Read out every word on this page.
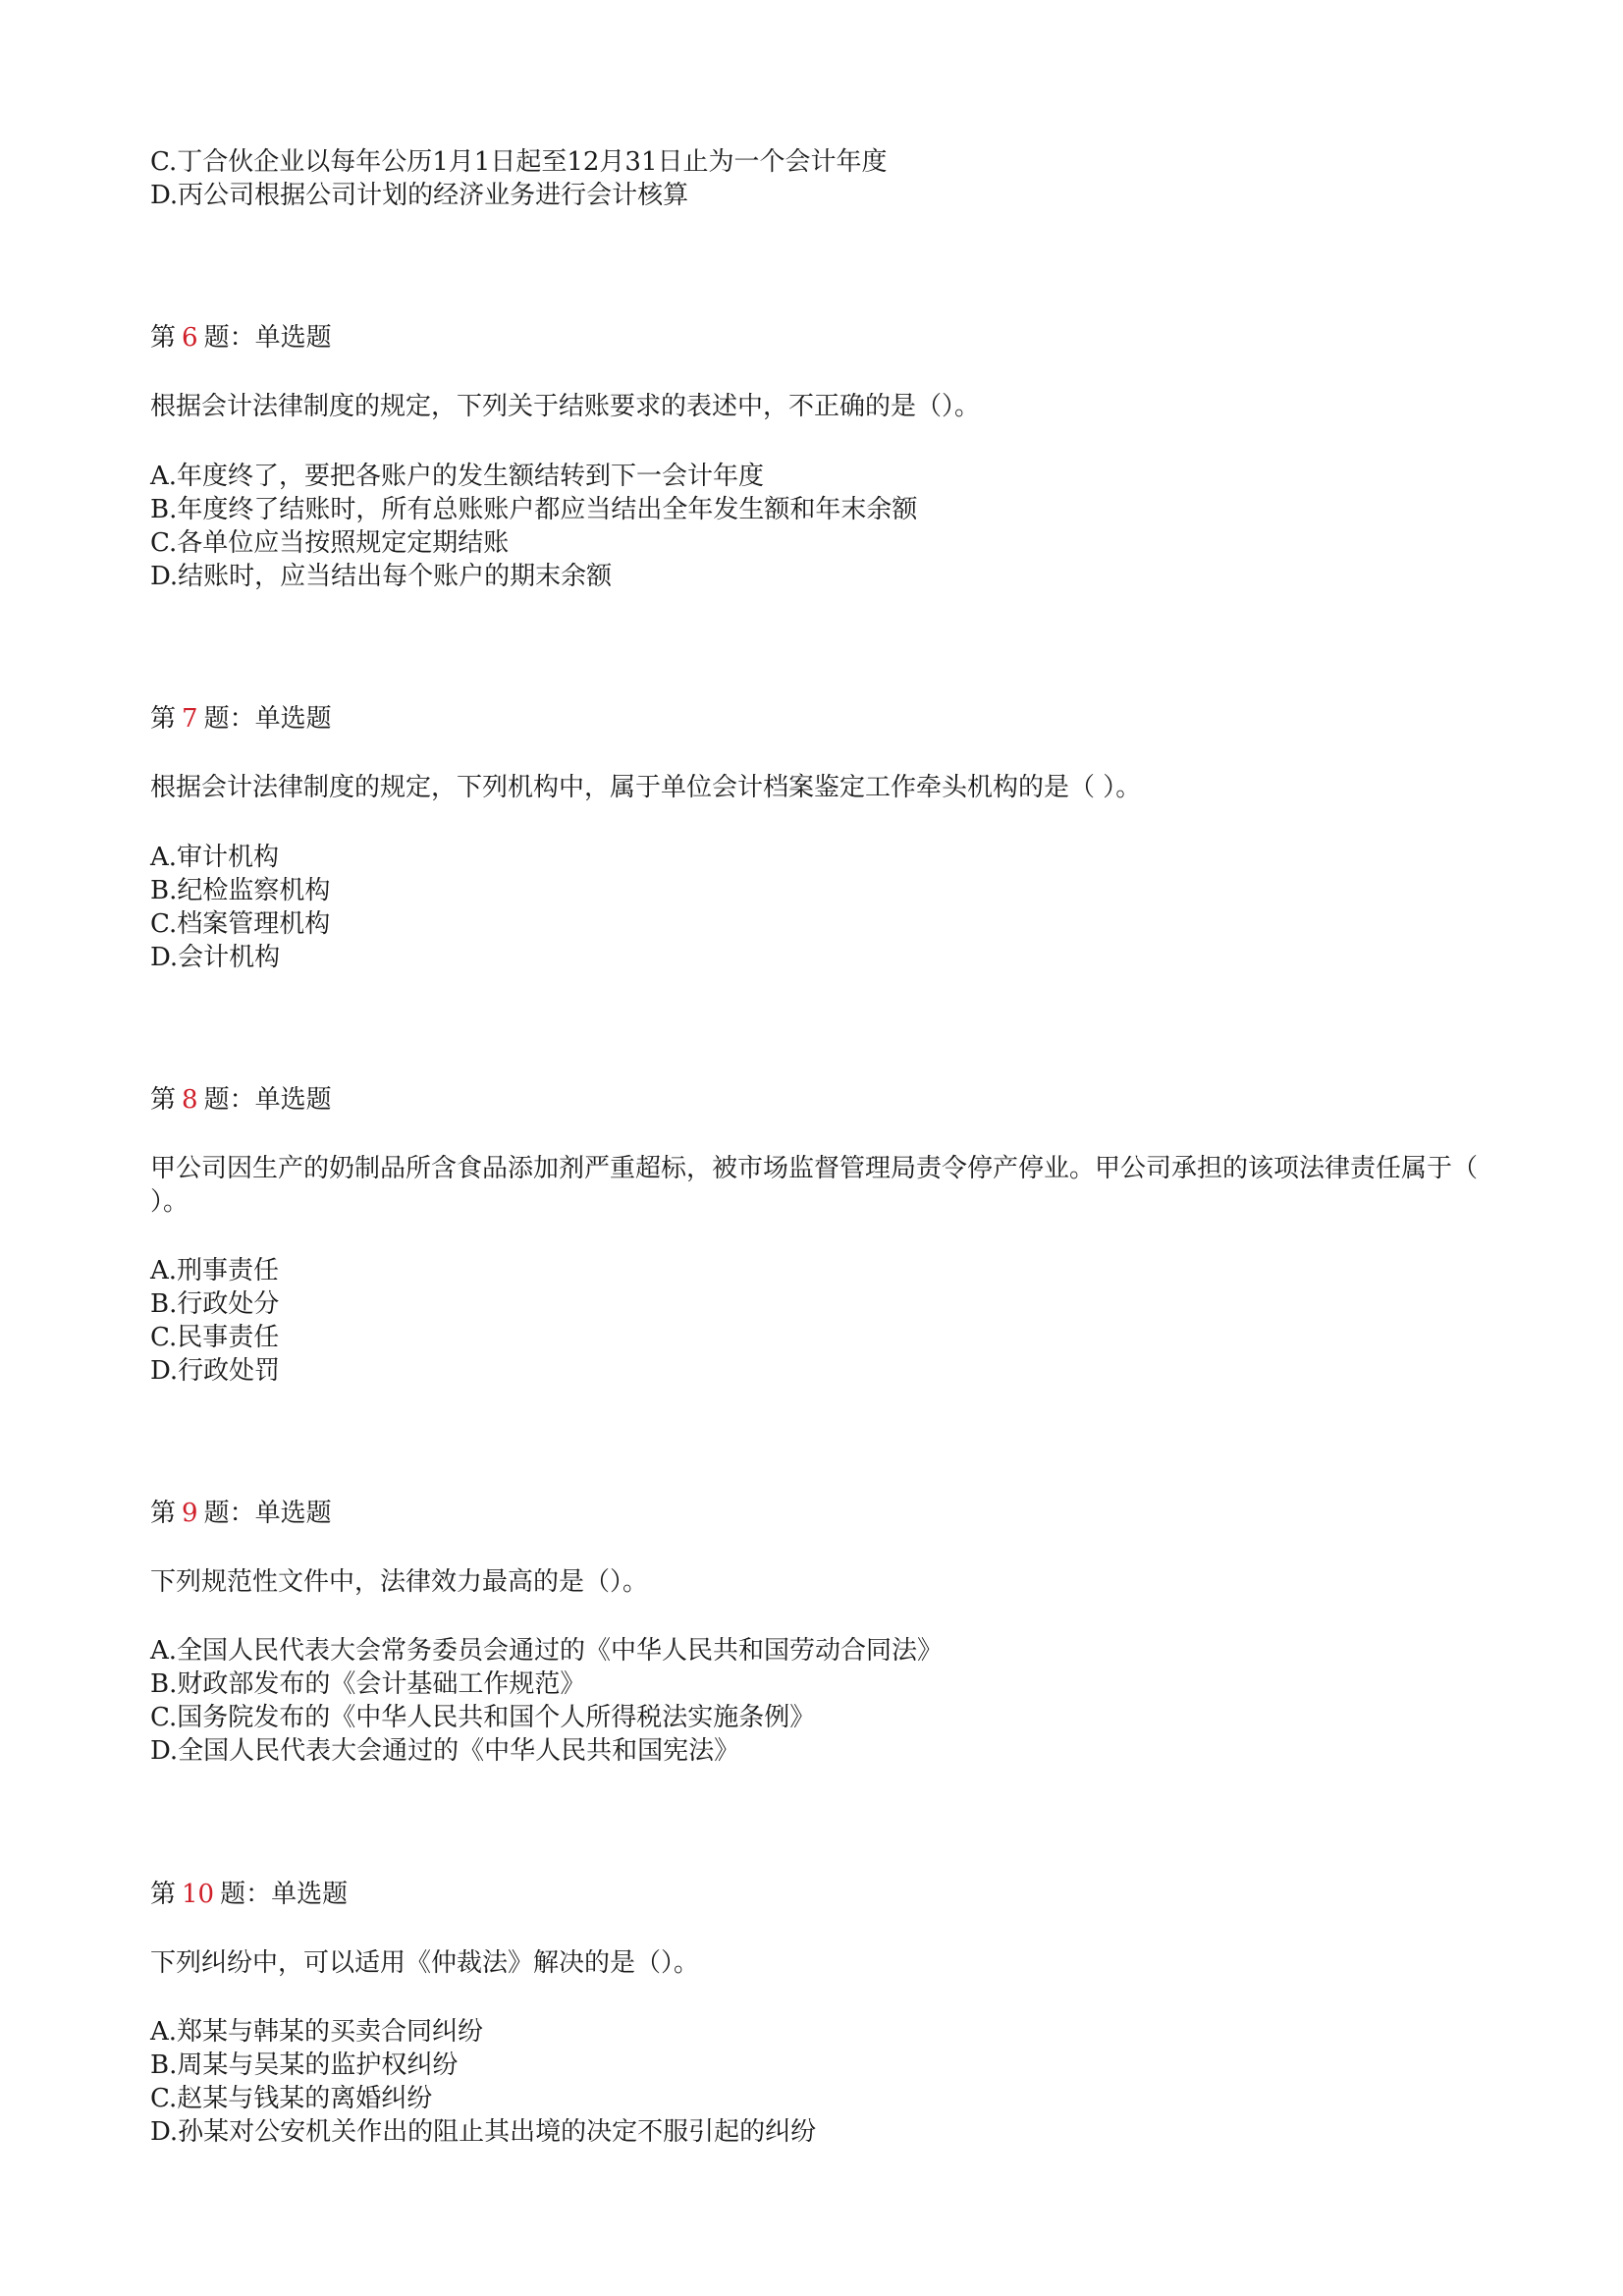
C.丁合伙企业以每年公历1月1日起至12月31日止为一个会计年度
D.丙公司根据公司计划的经济业务进行会计核算
第 6 题：单选题
根据会计法律制度的规定，下列关于结账要求的表述中，不正确的是（）。
A.年度终了，要把各账户的发生额结转到下一会计年度
B.年度终了结账时，所有总账账户都应当结出全年发生额和年末余额
C.各单位应当按照规定定期结账
D.结账时，应当结出每个账户的期末余额
第 7 题：单选题
根据会计法律制度的规定，下列机构中，属于单位会计档案鉴定工作牵头机构的是（ ）。
A.审计机构
B.纪检监察机构
C.档案管理机构
D.会计机构
第 8 题：单选题
甲公司因生产的奶制品所含食品添加剂严重超标，被市场监督管理局责令停产停业。甲公司承担的该项法律责任属于（ ）。
A.刑事责任
B.行政处分
C.民事责任
D.行政处罚
第 9 题：单选题
下列规范性文件中，法律效力最高的是（）。
A.全国人民代表大会常务委员会通过的《中华人民共和国劳动合同法》
B.财政部发布的《会计基础工作规范》
C.国务院发布的《中华人民共和国个人所得税法实施条例》
D.全国人民代表大会通过的《中华人民共和国宪法》
第 10 题：单选题
下列纠纷中，可以适用《仲裁法》解决的是（）。
A.郑某与韩某的买卖合同纠纷
B.周某与吴某的监护权纠纷
C.赵某与钱某的离婚纠纷
D.孙某对公安机关作出的阻止其出境的决定不服引起的纠纷
